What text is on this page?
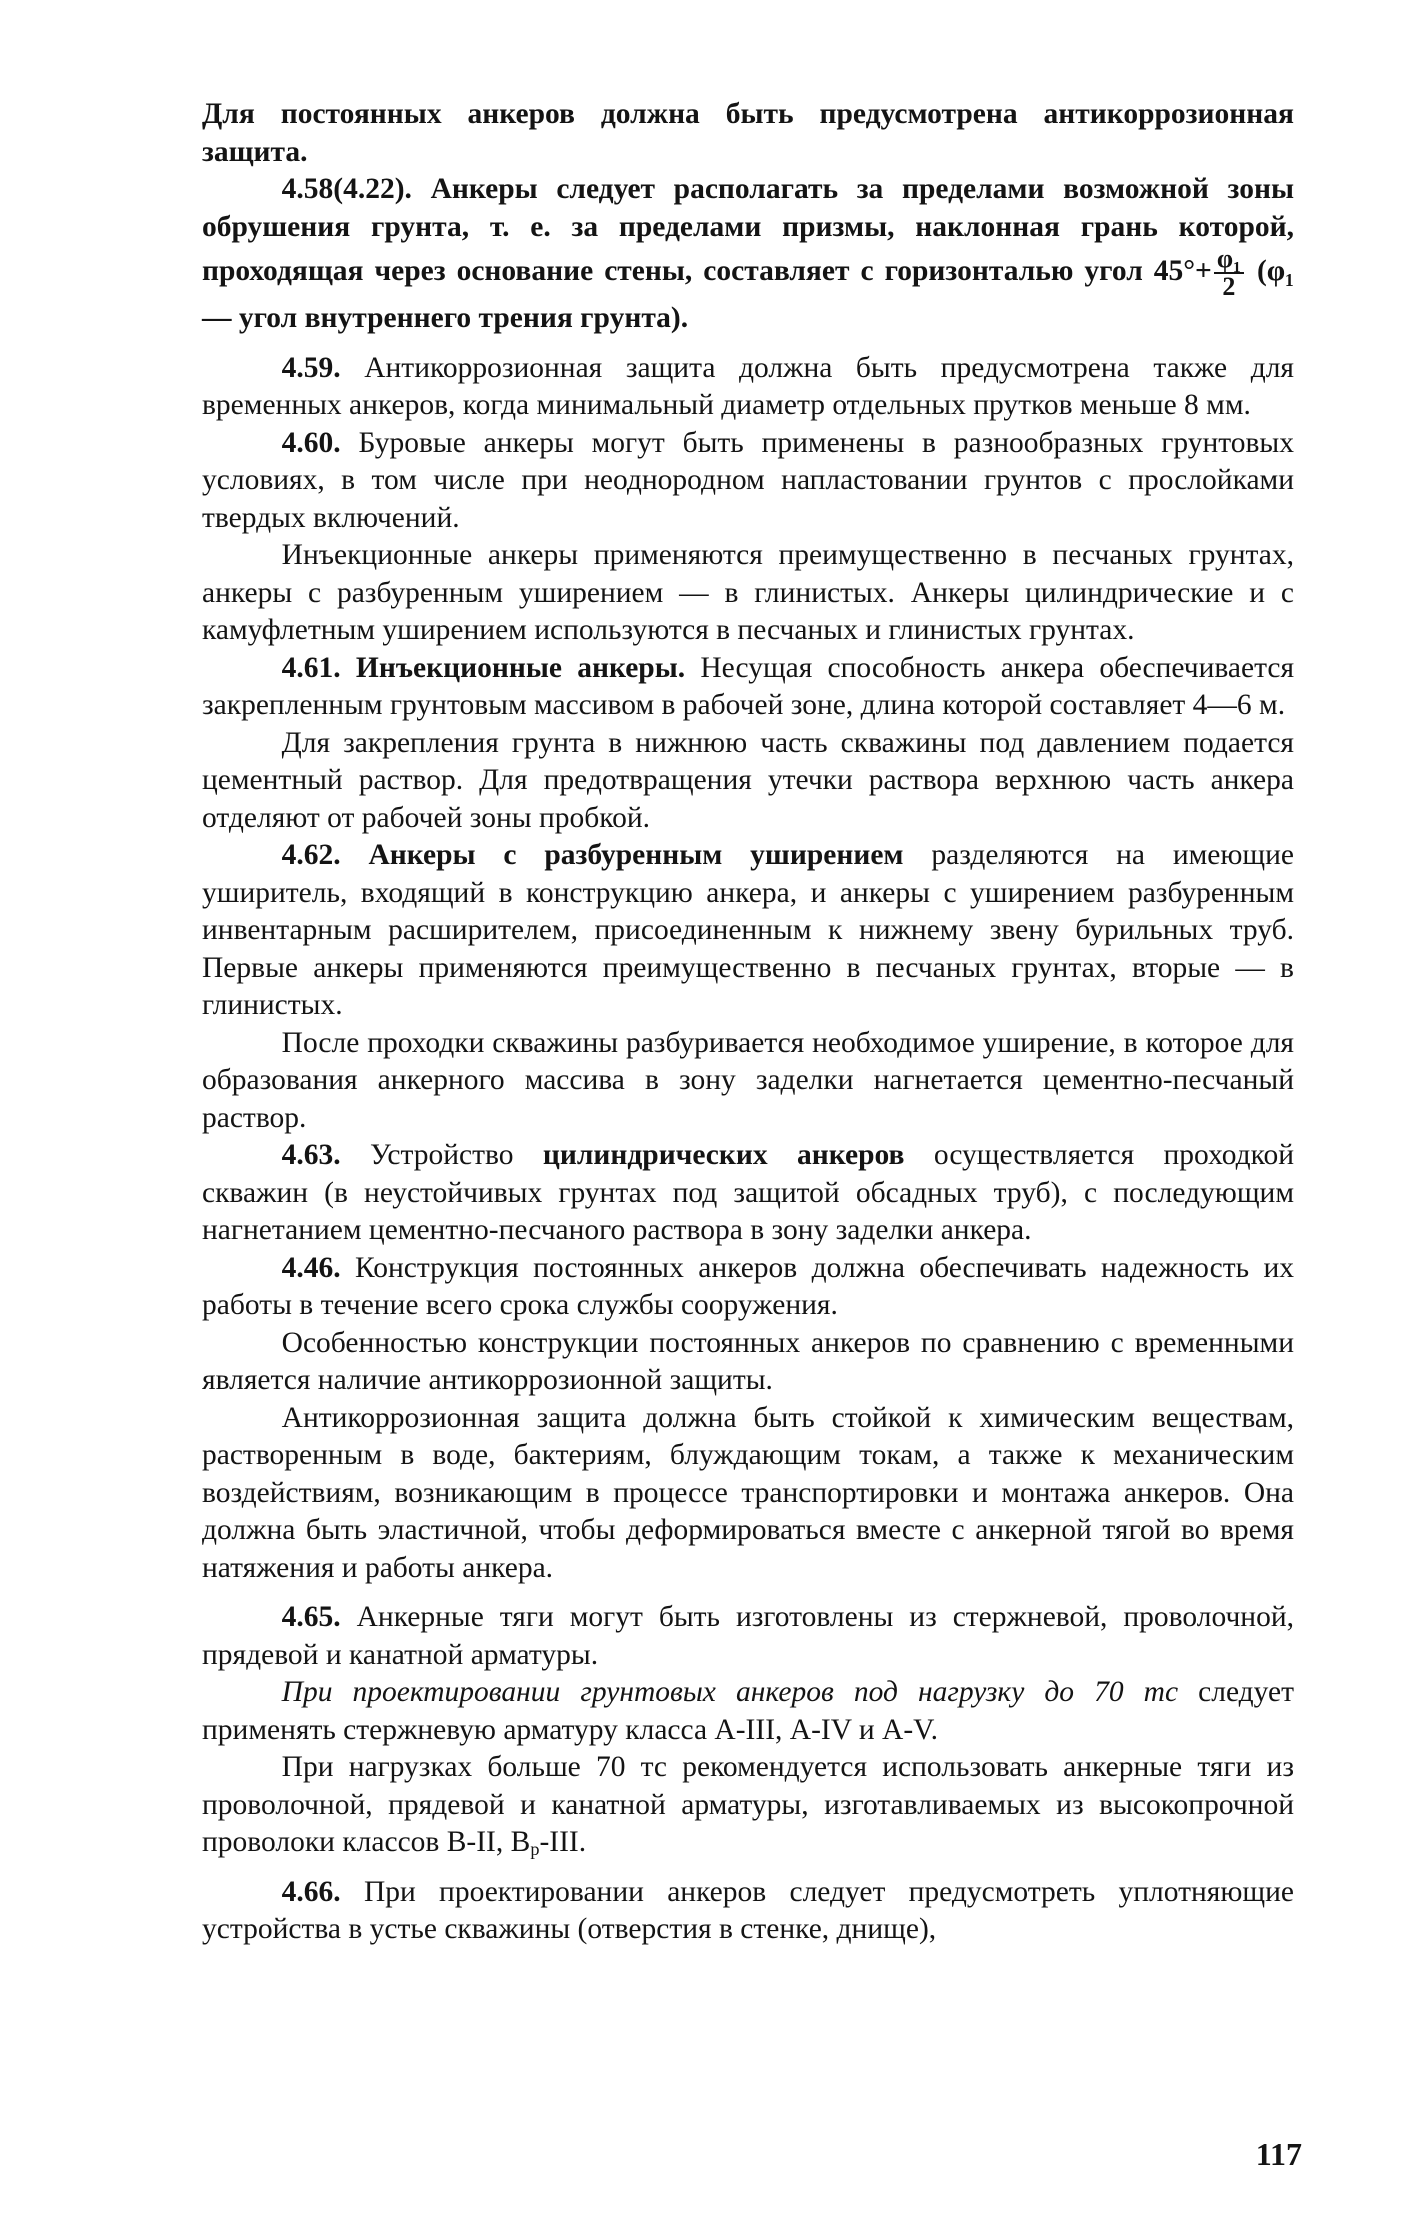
Для постоянных анкеров должна быть предусмотрена антикоррозионная защита.

4.58(4.22). Анкеры следует располагать за пределами возможной зоны обрушения грунта, т. е. за пределами призмы, наклонная грань которой, проходящая через основание стены, составляет с горизонталью угол $45^\circ+ \frac{\text{φ₁}}{2} (\varphi_1$ — угол внутреннего трения грунта).

4.59. Антикоррозионная защита должна быть предусмотрена также для временных анкеров, когда минимальный диаметр отдельных прутков меньше 8 мм.

4.60. Буровые анкеры могут быть применены в разнообразных грунтовых условиях, в том числе при неоднородном напластовании грунтов с прослойками твердых включений.

Инъекционные анкеры применяются преимущественно в песчаных грунтах, анкеры с разбуренным уширением — в глинистых. Анкеры цилиндрические и с камуфлетным уширением используются в песчаных и глинистых грунтах.

4.61. Инъекционные анкеры. Несущая способность анкера обеспечивается закрепленным грунтовым массивом в рабочей зоне, длина которой составляет 4—6 м.

Для закрепления грунта в нижнюю часть скважины под давлением подается цементный раствор. Для предотвращения утечки раствора верхнюю часть анкера отделяют от рабочей зоны пробкой.

4.62. Анкеры с разбуренным уширением разделяются на имеющие уширитель, входящий в конструкцию анкера, и анкеры с уширением разбуренным инвентарным расширителем, присоединенным к нижнему звену бурильных труб. Первые анкеры применяются преимущественно в песчаных грунтах, вторые — в глинистых.

После проходки скважины разбуривается необходимое уширение, в которое для образования анкерного массива в зону заделки нагнетается цементно-песчаный раствор.

4.63. Устройство цилиндрических анкеров осуществляется проходкой скважин (в неустойчивых грунтах под защитой обсадных труб), с последующим нагнетанием цементно-песчаного раствора в зону заделки анкера.

4.46. Конструкция постоянных анкеров должна обеспечивать надежность их работы в течение всего срока службы сооружения.

Особенностью конструкции постоянных анкеров по сравнению с временными является наличие антикоррозионной защиты.

Антикоррозионная защита должна быть стойкой к химическим веществам, растворенным в воде, бактериям, блуждающим токам, а также к механическим воздействиям, возникающим в процессе транспортировки и монтажа анкеров. Она должна быть эластичной, чтобы деформироваться вместе с анкерной тягой во время натяжения и работы анкера.

4.65. Анкерные тяги могут быть изготовлены из стержневой, проволочной, прядевой и канатной арматуры.

При проектировании грунтовых анкеров под нагрузку до 70 тс следует применять стержневую арматуру класса А-III, А-IV и А-V.

При нагрузках больше 70 тс рекомендуется использовать анкерные тяги из проволочной, прядевой и канатной арматуры, изготавливаемых из высокопрочной проволоки классов В-II, $В_р$-III.

4.66. При проектировании анкеров следует предусмотреть уплотняющие устройства в устье скважины (отверстия в стенке, днище),

117
